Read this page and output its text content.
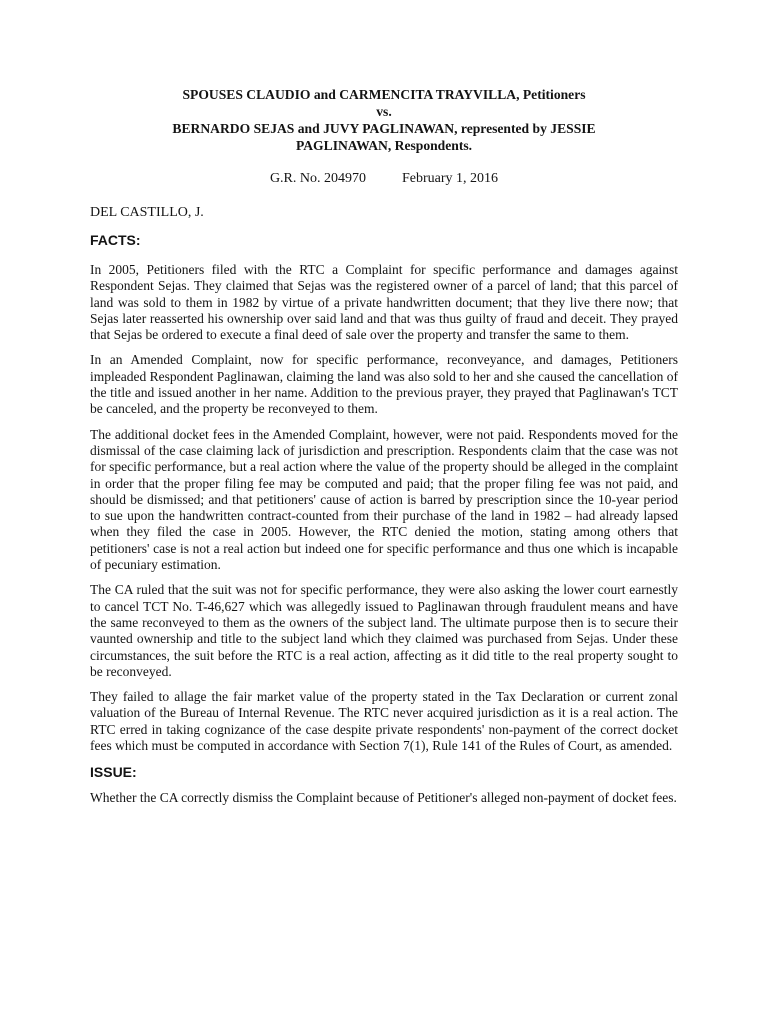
SPOUSES CLAUDIO and CARMENCITA TRAYVILLA, Petitioners
vs.
BERNARDO SEJAS and JUVY PAGLINAWAN, represented by JESSIE
PAGLINAWAN, Respondents.
G.R. No. 204970	February 1, 2016
DEL CASTILLO, J.
FACTS:

In 2005, Petitioners filed with the RTC a Complaint for specific performance and damages against Respondent Sejas. They claimed that Sejas was the registered owner of a parcel of land; that this parcel of land was sold to them in 1982 by virtue of a private handwritten document; that they live there now; that Sejas later reasserted his ownership over said land and that was thus guilty of fraud and deceit. They prayed that Sejas be ordered to execute a final deed of sale over the property and transfer the same to them.

In an Amended Complaint, now for specific performance, reconveyance, and damages, Petitioners impleaded Respondent Paglinawan, claiming the land was also sold to her and she caused the cancellation of the title and issued another in her name. Addition to the previous prayer, they prayed that Paglinawan's TCT be canceled, and the property be reconveyed to them.

The additional docket fees in the Amended Complaint, however, were not paid. Respondents moved for the dismissal of the case claiming lack of jurisdiction and prescription. Respondents claim that the case was not for specific performance, but a real action where the value of the property should be alleged in the complaint in order that the proper filing fee may be computed and paid; that the proper filing fee was not paid, and should be dismissed; and that petitioners' cause of action is barred by prescription since the 10-year period to sue upon the handwritten contract-counted from their purchase of the land in 1982 – had already lapsed when they filed the case in 2005. However, the RTC denied the motion, stating among others that petitioners' case is not a real action but indeed one for specific performance and thus one which is incapable of pecuniary estimation.

The CA ruled that the suit was not for specific performance, they were also asking the lower court earnestly to cancel TCT No. T-46,627 which was allegedly issued to Paglinawan through fraudulent means and have the same reconveyed to them as the owners of the subject land. The ultimate purpose then is to secure their vaunted ownership and title to the subject land which they claimed was purchased from Sejas. Under these circumstances, the suit before the RTC is a real action, affecting as it did title to the real property sought to be reconveyed.

They failed to allage the fair market value of the property stated in the Tax Declaration or current zonal valuation of the Bureau of Internal Revenue. The RTC never acquired jurisdiction as it is a real action. The RTC erred in taking cognizance of the case despite private respondents' non-payment of the correct docket fees which must be computed in accordance with Section 7(1), Rule 141 of the Rules of Court, as amended.

ISSUE:

Whether the CA correctly dismiss the Complaint because of Petitioner's alleged non-payment of docket fees.
